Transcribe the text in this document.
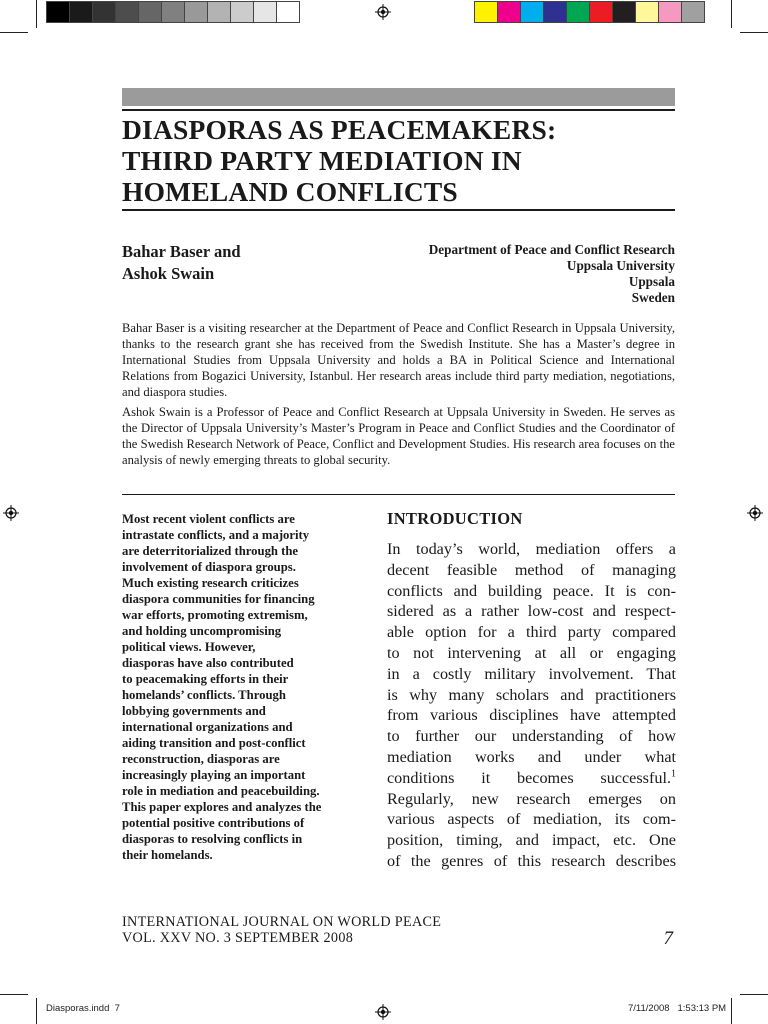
DIASPORAS AS PEACEMAKERS:
THIRD PARTY MEDIATION IN
HOMELAND CONFLICTS
Bahar Baser and
Ashok Swain
Department of Peace and Conflict Research
Uppsala University
Uppsala
Sweden
Bahar Baser is a visiting researcher at the Department of Peace and Conflict Research in Uppsala University, thanks to the research grant she has received from the Swedish Institute. She has a Master’s degree in International Studies from Uppsala University and holds a BA in Political Science and International Relations from Bogazici University, Istanbul. Her research areas include third party mediation, negotiations, and diaspora studies.
Ashok Swain is a Professor of Peace and Conflict Research at Uppsala University in Sweden. He serves as the Director of Uppsala University’s Master’s Program in Peace and Conflict Studies and the Coordinator of the Swedish Research Network of Peace, Conflict and Development Studies. His research area focuses on the analysis of newly emerging threats to global security.
Most recent violent conflicts are
intrastate conflicts, and a majority
are deterritorialized through the
involvement of diaspora groups.
Much existing research criticizes
diaspora communities for financing
war efforts, promoting extremism,
and holding uncompromising
political views. However,
diasporas have also contributed
to peacemaking efforts in their
homelands’ conflicts. Through
lobbying governments and
international organizations and
aiding transition and post-conflict
reconstruction, diasporas are
increasingly playing an important
role in mediation and peacebuilding.
This paper explores and analyzes the
potential positive contributions of
diasporas to resolving conflicts in
their homelands.
INTRODUCTION
In today’s world, mediation offers a
decent feasible method of managing
conflicts and building peace. It is con-
sidered as a rather low-cost and respect-
able option for a third party compared
to not intervening at all or engaging
in a costly military involvement. That
is why many scholars and practitioners
from various disciplines have attempted
to further our understanding of how
mediation works and under what
conditions it becomes successful.$^1$
Regularly, new research emerges on
various aspects of mediation, its com-
position, timing, and impact, etc. One
of the genres of this research describes
INTERNATIONAL JOURNAL ON WORLD PEACE
VOL. XXV NO. 3 SEPTEMBER 2008	7
Diasporas.indd 7	7/11/2008 1:53:13 PM
